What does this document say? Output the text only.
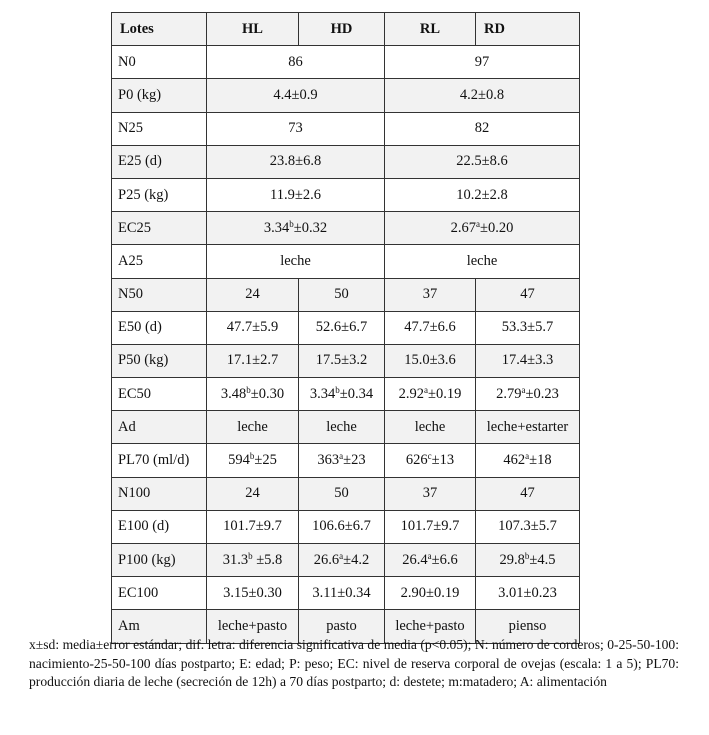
Lotes	HL	HD	RL	RD
N0	86		97	
P0 (kg)	4.4±0.9		4.2±0.8	
N25	73		82	
E25 (d)	23.8±6.8		22.5±8.6	
P25 (kg)	11.9±2.6		10.2±2.8	
EC25	3.34$^b$±0.32		2.67$^a$±0.20	
A25	leche		leche	
N50	24	50	37	47
E50 (d)	47.7±5.9	52.6±6.7	47.7±6.6	53.3±5.7
P50 (kg)	17.1±2.7	17.5±3.2	15.0±3.6	17.4±3.3
EC50	3.48$^b$±0.30	3.34$^b$±0.34	2.92$^a$±0.19	2.79$^a$±0.23
Ad	leche	leche	leche	leche+estarter
PL70 (ml/d)	$594^b\pm 25$	$363^a\pm 23$	$626^c\pm 13$	$462^a\pm 18$
N100	24	50	37	47
E100 (d)	101.7±9.7	106.6±6.7	101.7±9.7	107.3±5.7
P100 (kg)	31.3$^b$ ±5.8	26.6$^a$±4.2	26.4$^a$±6.6	29.8$^b$±4.5
EC100	3.15±0.30	3.11±0.34	2.90±0.19	3.01±0.23
Am	leche+pasto	pasto	leche+pasto	pienso

x±sd: media±error estándar; dif. letra: diferencia significativa de media (p<0.05); N: número de corderos; 0-25-50-100: nacimiento-25-50-100 días postparto; E: edad; P: peso; EC: nivel de reserva corporal de ovejas (escala: 1 a 5); PL70: producción diaria de leche (secreción de 12h) a 70 días postparto; d: destete; m:matadero; A: alimentación
